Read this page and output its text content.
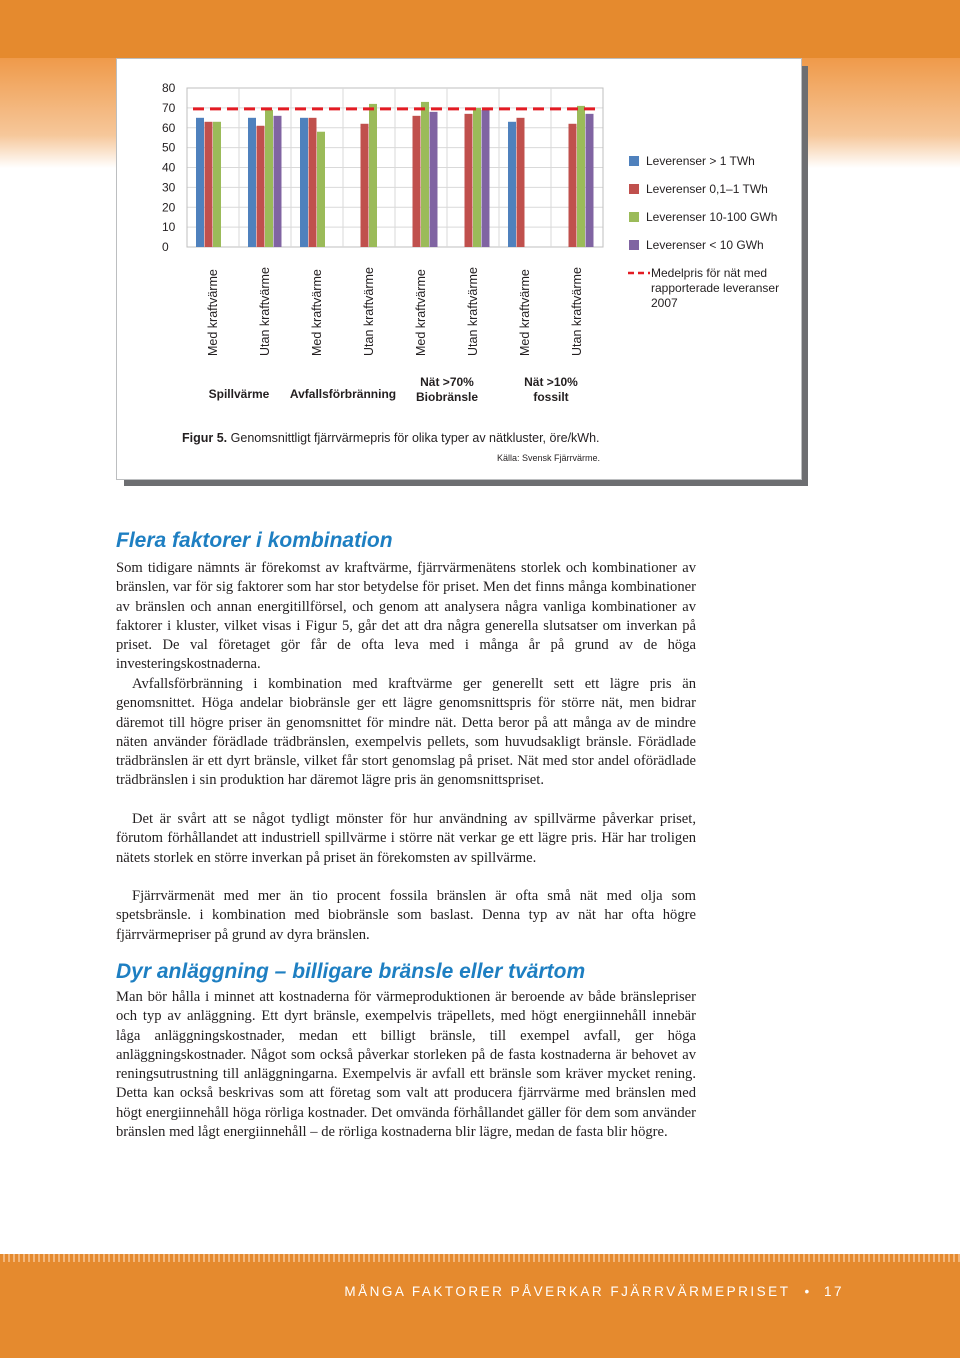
80
70
60
50
40
30
20
10
0
Med kraftvärme	Utan kraftvärme	Med kraftvärme	Utan kraftvärme	Med kraftvärme	Utan kraftvärme	Med kraftvärme	Utan kraftvärme
Spillvärme Avfallsförbränning
Nät >70%
Biobränsle
Nät >10%
fossilt
Leverenser > 1 TWh
Leverenser 0,1–1 TWh
Leverenser 10-100 GWh
Leverenser < 10 GWh
Medelpris för nät med
rapporterade leveranser
2007
Figur 5. Genomsnittligt fjärrvärmepris för olika typer av nätkluster, öre/kWh.
Källa: Svensk Fjärrvärme.
Flera faktorer i kombination

Som tidigare nämnts är förekomst av kraftvärme, fjärrvärmenätens storlek och kombinationer av bränslen, var för sig faktorer som har stor betydelse för priset. Men det finns många kombinationer av bränslen och annan energitillförsel, och genom att analysera några vanliga kombinationer av faktorer i kluster, vilket visas i Figur 5, går det att dra några generella slutsatser om inverkan på priset. De val företaget gör får de ofta leva med i många år på grund av de höga investeringskostnaderna.

Avfallsförbränning i kombination med kraftvärme ger generellt sett ett lägre pris än genomsnittet. Höga andelar biobränsle ger ett lägre genomsnittspris för större nät, men bidrar däremot till högre priser än genomsnittet för mindre nät. Detta beror på att många av de mindre näten använder förädlade trädbränslen, exempelvis pellets, som huvudsakligt bränsle. Förädlade trädbränslen är ett dyrt bränsle, vilket får stort genomslag på priset. Nät med stor andel oförädlade trädbränslen i sin produktion har däremot lägre pris än genomsnittspriset.

Det är svårt att se något tydligt mönster för hur användning av spillvärme påverkar priset, förutom förhållandet att industriell spillvärme i större nät verkar ge ett lägre pris. Här har troligen nätets storlek en större inverkan på priset än förekomsten av spillvärme.

Fjärrvärmenät med mer än tio procent fossila bränslen är ofta små nät med olja som spetsbränsle. i kombination med biobränsle som baslast. Denna typ av nät har ofta högre fjärrvärmepriser på grund av dyra bränslen.

Dyr anläggning – billigare bränsle eller tvärtom

Man bör hålla i minnet att kostnaderna för värmeproduktionen är beroende av både bränslepriser och typ av anläggning. Ett dyrt bränsle, exempelvis träpellets, med högt energiinnehåll innebär låga anläggningskostnader, medan ett billigt bränsle, till exempel avfall, ger höga anläggningskostnader. Något som också påverkar storleken på de fasta kostnaderna är behovet av reningsutrustning till anläggningarna. Exempelvis är avfall ett bränsle som kräver mycket rening. Detta kan också beskrivas som att företag som valt att producera fjärrvärme med bränslen med högt energiinnehåll höga rörliga kostnader. Det omvända förhållandet gäller för dem som använder bränslen med lågt energiinnehåll – de rörliga kostnaderna blir lägre, medan de fasta blir högre.

MÅNGA FAKTORER PÅVERKAR FJÄRRVÄRMEPRISET • 17
